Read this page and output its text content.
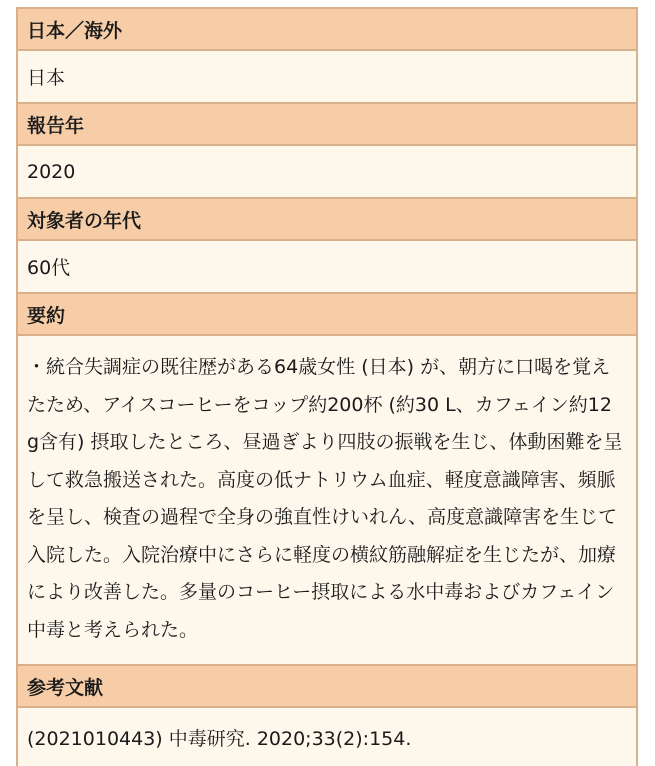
日本／海外
日本
報告年
2020
対象者の年代
60代
要約
・統合失調症の既往歴がある64歳女性 (日本) が、朝方に口喝を覚えたため、アイスコーヒーをコップ約200杯 (約30 L、カフェイン約12 g含有) 摂取したところ、昼過ぎより四肢の振戦を生じ、体動困難を呈して救急搬送された。高度の低ナトリウム血症、軽度意識障害、頻脈を呈し、検査の過程で全身の強直性けいれん、高度意識障害を生じて入院した。入院治療中にさらに軽度の横紋筋融解症を生じたが、加療により改善した。多量のコーヒー摂取による水中毒およびカフェイン中毒と考えられた。
参考文献
(2021010443) 中毒研究. 2020;33(2):154.
